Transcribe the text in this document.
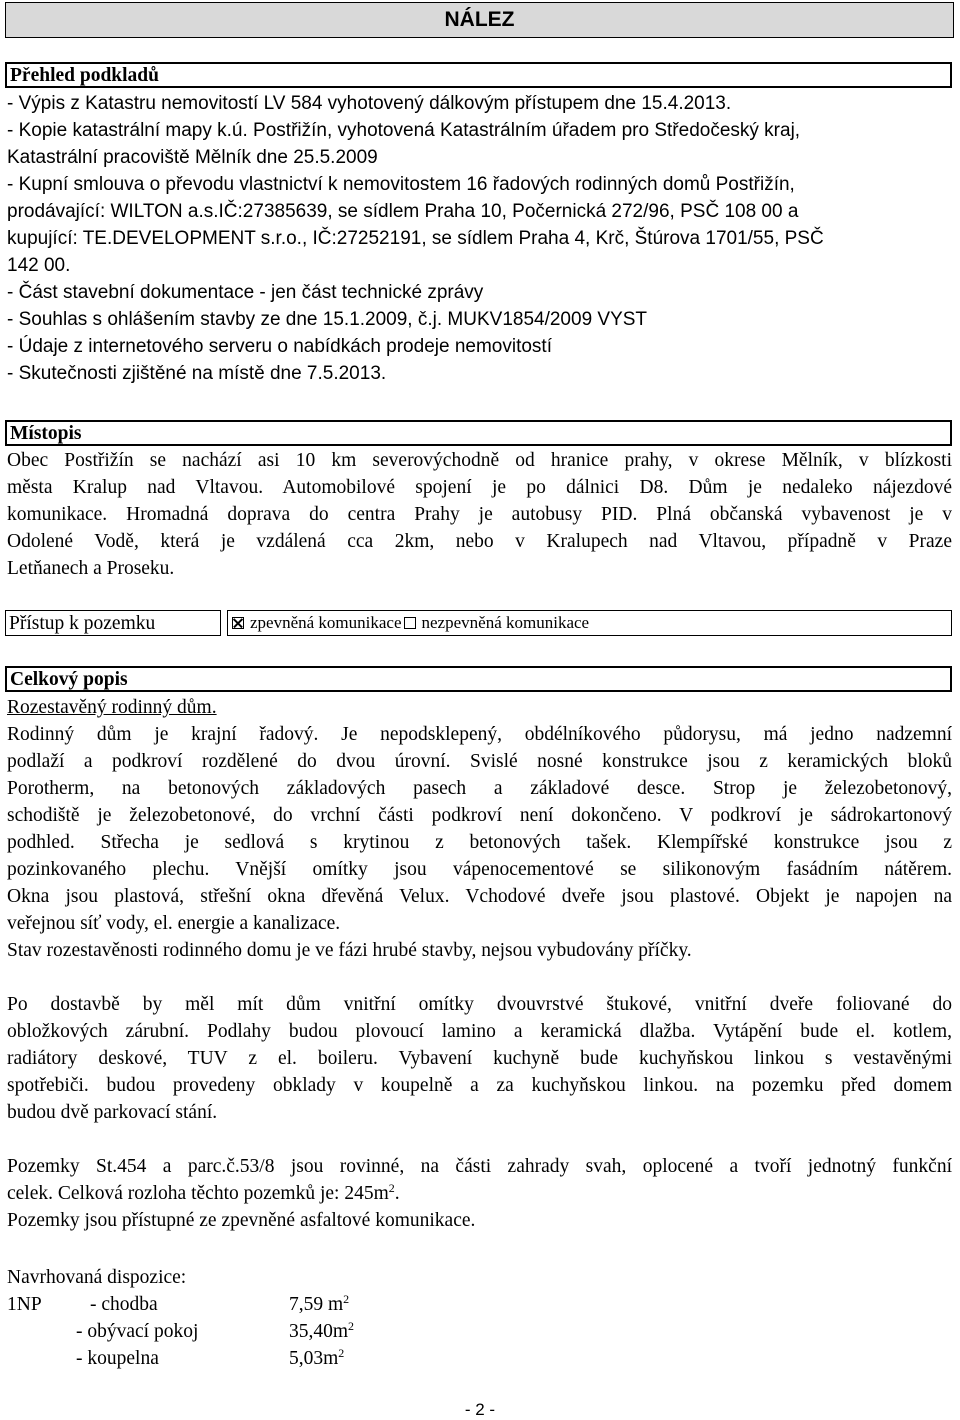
NÁLEZ
Přehled podkladů
- Výpis z Katastru nemovitostí LV 584 vyhotovený dálkovým přístupem dne 15.4.2013.
- Kopie katastrální mapy k.ú. Postřižín, vyhotovená Katastrálním úřadem pro Středočeský kraj,
Katastrální pracoviště Mělník dne 25.5.2009
- Kupní smlouva o převodu vlastnictví k nemovitostem 16 řadových rodinných domů Postřižín,
prodávající: WILTON a.s.IČ:27385639, se sídlem Praha 10, Počernická 272/96, PSČ 108 00 a
kupující: TE.DEVELOPMENT s.r.o., IČ:27252191, se sídlem Praha 4, Krč, Štúrova 1701/55, PSČ
142 00.
- Část stavební dokumentace - jen část technické zprávy
- Souhlas s ohlášením stavby ze dne 15.1.2009, č.j. MUKV1854/2009 VYST
- Údaje z internetového serveru o nabídkách prodeje nemovitostí
- Skutečnosti zjištěné na místě dne 7.5.2013.
Místopis
Obec Postřižín se nachází asi 10 km severovýchodně od hranice prahy, v okrese Mělník, v blízkosti
města Kralup nad Vltavou. Automobilové spojení je po dálnici D8. Dům je nedaleko nájezdové
komunikace. Hromadná doprava do centra Prahy je autobusy PID. Plná občanská vybavenost je v
Odolené Vodě, která je vzdálená cca 2km, nebo v Kralupech nad Vltavou, případně v Praze
Letňanech a Proseku.
Přístup k pozemku	zpevněná komunikace nezpevněná komunikace
Celkový popis
Rozestavěný rodinný dům.
Rodinný dům je krajní řadový. Je nepodsklepený, obdélníkového půdorysu, má jedno nadzemní
podlaží a podkroví rozdělené do dvou úrovní. Svislé nosné konstrukce jsou z keramických bloků
Porotherm, na betonových základových pasech a základové desce. Strop je železobetonový,
schodiště je železobetonové, do vrchní části podkroví není dokončeno. V podkroví je sádrokartonový
podhled. Střecha je sedlová s krytinou z betonových tašek. Klempířské konstrukce jsou z
pozinkovaného plechu. Vnější omítky jsou vápenocementové se silikonovým fasádním nátěrem.
Okna jsou plastová, střešní okna dřevěná Velux. Vchodové dveře jsou plastové. Objekt je napojen na
veřejnou síť vody, el. energie a kanalizace.
Stav rozestavěnosti rodinného domu je ve fázi hrubé stavby, nejsou vybudovány příčky.
Po dostavbě by měl mít dům vnitřní omítky dvouvrstvé štukové, vnitřní dveře foliované do
obložkových zárubní. Podlahy budou plovoucí lamino a keramická dlažba. Vytápění bude el. kotlem,
radiátory deskové, TUV z el. boileru. Vybavení kuchyně bude kuchyňskou linkou s vestavěnými
spotřebiči. budou provedeny obklady v koupelně a za kuchyňskou linkou. na pozemku před domem
budou dvě parkovací stání.
Pozemky St.454 a parc.č.53/8 jsou rovinné, na části zahrady svah, oplocené a tvoří jednotný funkční
celek. Celková rozloha těchto pozemků je: $245m^2$.
Pozemky jsou přístupné ze zpevněné asfaltové komunikace.
Navrhovaná dispozice:
1NP - chodba	7,59 $m^2$
- obývací pokoj	$35,40m^2$
- koupelna	$5,03m^2$
- 2 -
